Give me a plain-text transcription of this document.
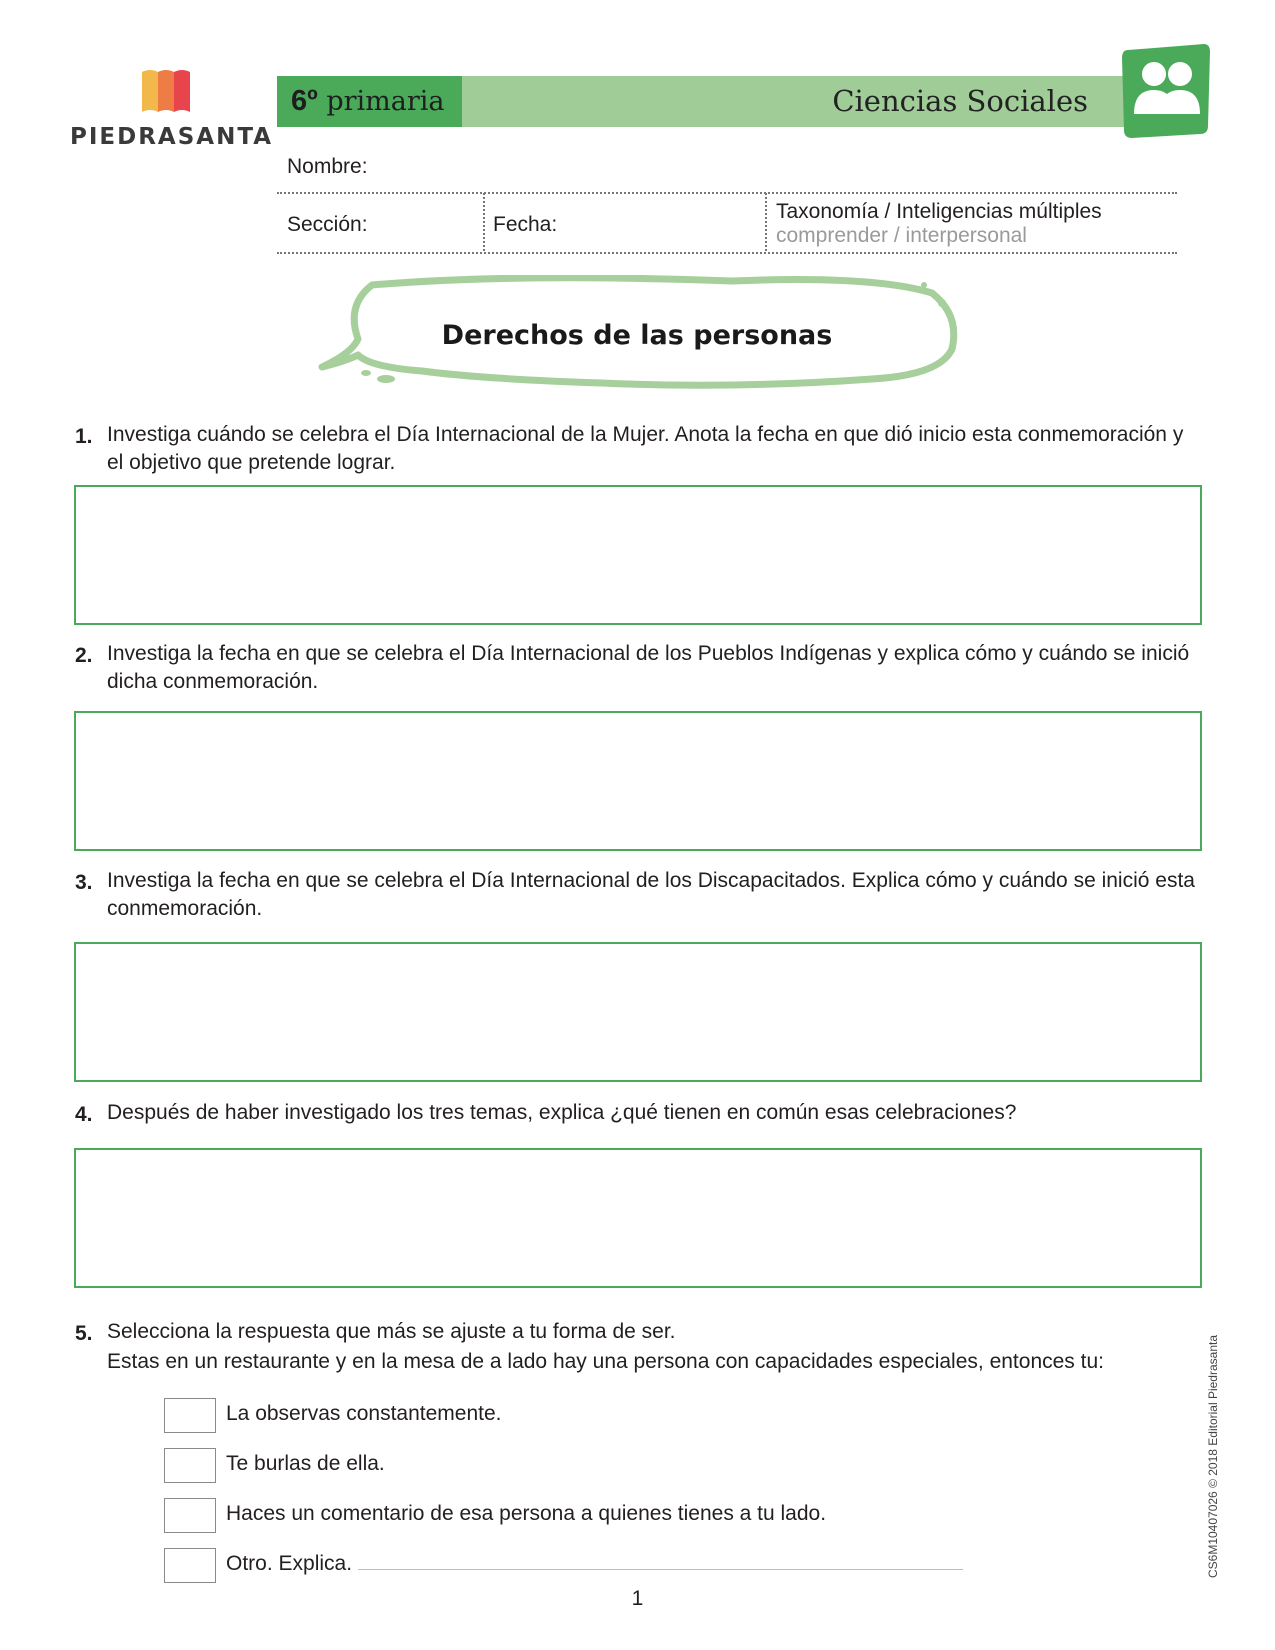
PIEDRASANTA
6º primaria	Ciencias Sociales
Nombre:
Sección:	Fecha:
Taxonomía / Inteligencias múltiples
comprender / interpersonal
Derechos de las personas
1. Investiga cuándo se celebra el Día Internacional de la Mujer. Anota la fecha en que dió inicio esta conmemoración y el objetivo que pretende lograr.
2. Investiga la fecha en que se celebra el Día Internacional de los Pueblos Indígenas y explica cómo y cuándo se inició dicha conmemoración.
3. Investiga la fecha en que se celebra el Día Internacional de los Discapacitados. Explica cómo y cuándo se inició esta conmemoración.
4. Después de haber investigado los tres temas, explica ¿qué tienen en común esas celebraciones?
5. Selecciona la respuesta que más se ajuste a tu forma de ser.
Estas en un restaurante y en la mesa de a lado hay una persona con capacidades especiales, entonces tu:
La observas constantemente.
Te burlas de ella.
Haces un comentario de esa persona a quienes tienes a tu lado.
Otro. Explica.
1
CS6M10407026 © 2018 Editorial Piedrasanta
